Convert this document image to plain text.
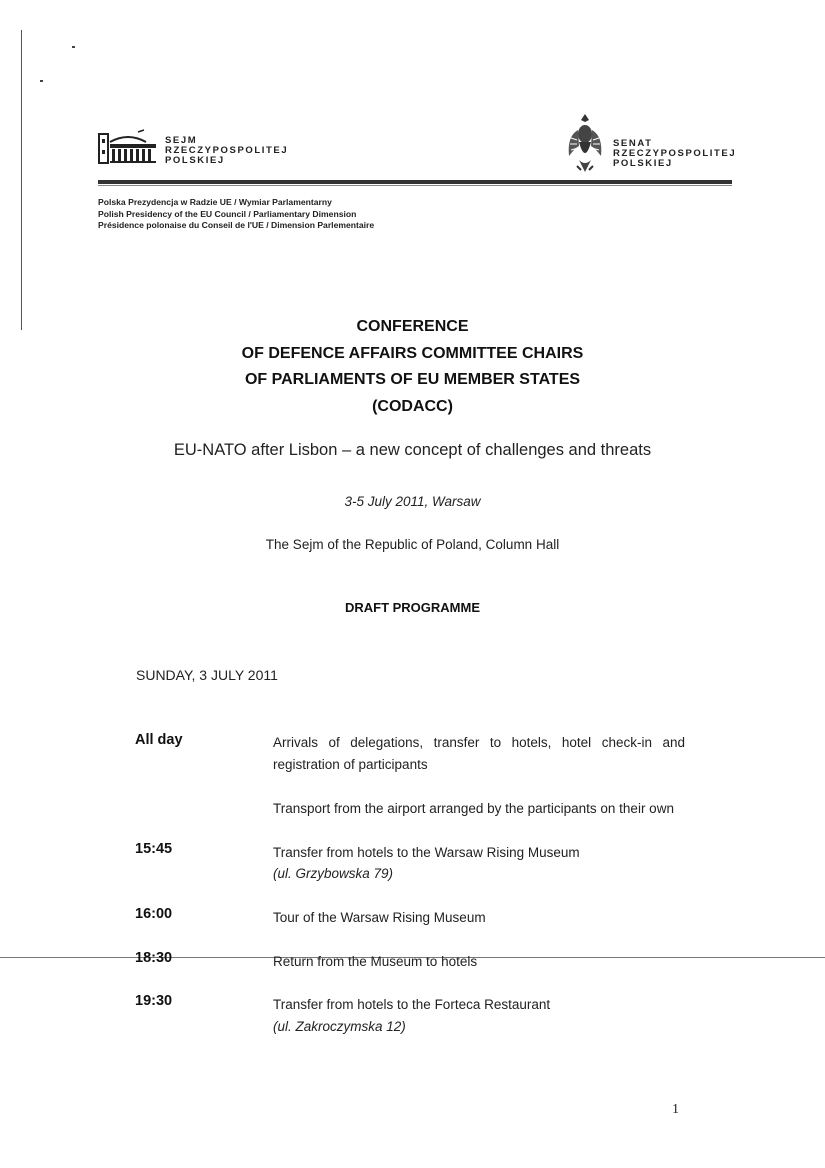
SEJM
RZECZYPOSPOLITEJ
POLSKIEJ
SENAT
RZECZYPOSPOLITEJ
POLSKIEJ
Polska Prezydencja w Radzie UE / Wymiar Parlamentarny
Polish Presidency of the EU Council / Parliamentary Dimension
Présidence polonaise du Conseil de l'UE / Dimension Parlementaire
CONFERENCE
OF DEFENCE AFFAIRS COMMITTEE CHAIRS
OF PARLIAMENTS OF EU MEMBER STATES
(CODACC)
EU-NATO after Lisbon – a new concept of challenges and threats
3-5 July 2011, Warsaw
The Sejm of the Republic of Poland, Column Hall
DRAFT PROGRAMME
SUNDAY, 3 JULY 2011
All day	Arrivals of delegations, transfer to hotels, hotel check-in and registration of participants
Transport from the airport arranged by the participants on their own
15:45	Transfer from hotels to the Warsaw Rising Museum
(ul. Grzybowska 79)
16:00	Tour of the Warsaw Rising Museum
18:30	Return from the Museum to hotels
19:30	Transfer from hotels to the Forteca Restaurant
(ul. Zakroczymska 12)
1
